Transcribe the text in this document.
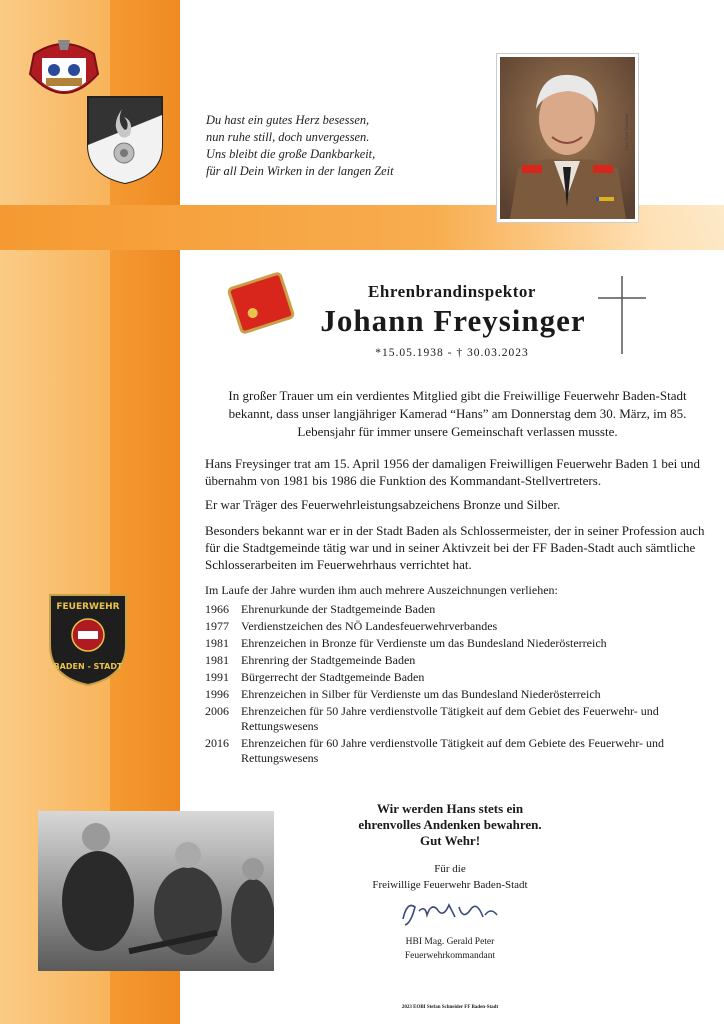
Du hast ein gutes Herz besessen,
nun ruhe still, doch unvergessen.
Uns bleibt die große Dankbarkeit,
für all Dein Wirken in der langen Zeit
Foto: Franz Freisleben
Ehrenbrandinspektor
Johann Freysinger
*15.05.1938 - † 30.03.2023
In großer Trauer um ein verdientes Mitglied gibt die Freiwillige Feuerwehr Baden-Stadt bekannt, dass unser langjähriger Kamerad “Hans” am Donnerstag dem 30. März, im 85. Lebensjahr für immer unsere Gemeinschaft verlassen musste.
Hans Freysinger trat am 15. April 1956 der damaligen Freiwilligen Feuerwehr Baden 1 bei und übernahm von 1981 bis 1986 die Funktion des Kommandant-Stellvertreters.
Er war Träger des Feuerwehrleistungsabzeichens Bronze und Silber.
Besonders bekannt war er in der Stadt Baden als Schlossermeister, der in seiner Profession auch für die Stadtgemeinde tätig war und in seiner Aktivzeit bei der FF Baden-Stadt auch sämtliche Schlosserarbeiten im Feuerwehrhaus verrichtet hat.
Im Laufe der Jahre wurden ihm auch mehrere Auszeichnungen verliehen:
1966	Ehrenurkunde der Stadtgemeinde Baden
1977	Verdienstzeichen des NÖ Landesfeuerwehrverbandes
1981	Ehrenzeichen in Bronze für Verdienste um das Bundesland Niederösterreich
1981	Ehrenring der Stadtgemeinde Baden
1991	Bürgerrecht der Stadtgemeinde Baden
1996	Ehrenzeichen in Silber für Verdienste um das Bundesland Niederösterreich
2006	Ehrenzeichen für 50 Jahre verdienstvolle Tätigkeit auf dem Gebiet des Feuerwehr- und Rettungswesens
2016	Ehrenzeichen für 60 Jahre verdienstvolle Tätigkeit auf dem Gebiete des Feuerwehr- und Rettungswesens
FEUERWEHR
BADEN - STADT
Wir werden Hans stets ein
ehrenvolles Andenken bewahren.
Gut Wehr!
Für die
Freiwillige Feuerwehr Baden-Stadt
HBI Mag. Gerald Peter
Feuerwehrkommandant
2023 EOBI Stefan Schneider FF Baden-Stadt
